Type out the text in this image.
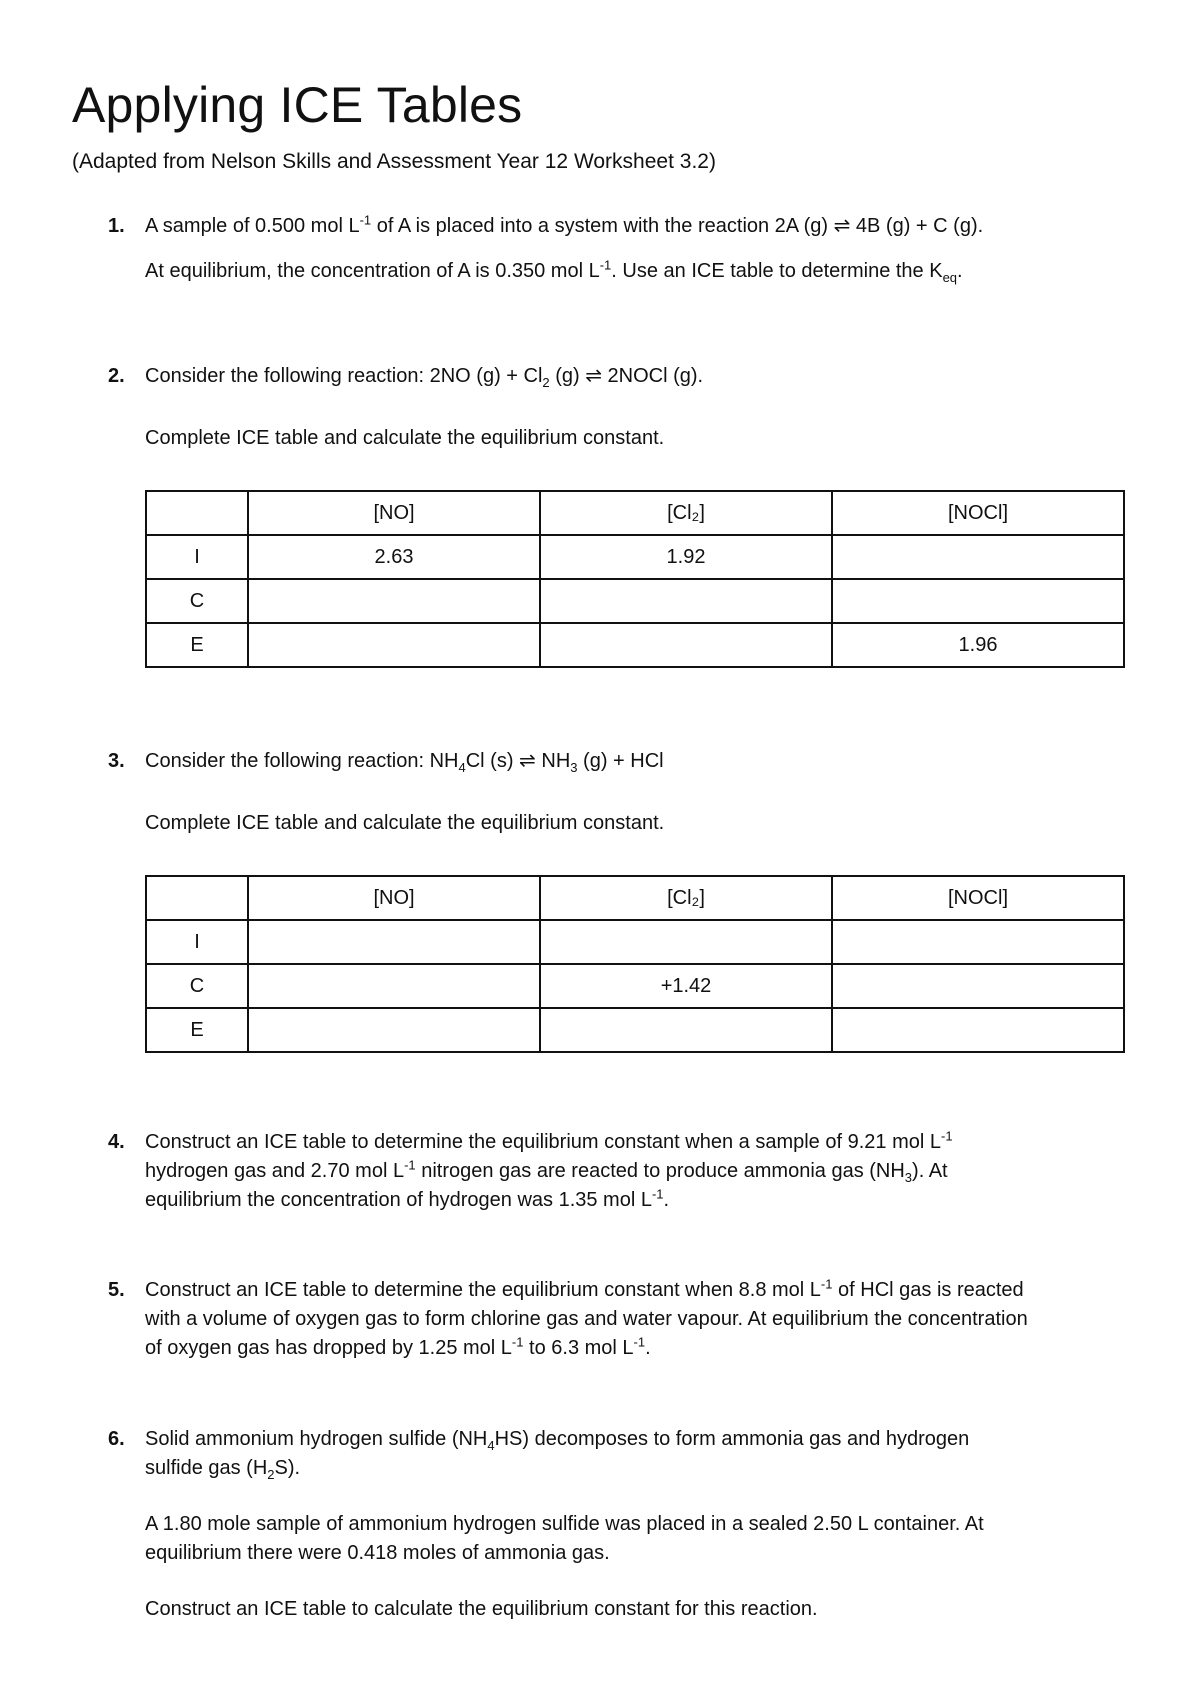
Applying ICE Tables
(Adapted from Nelson Skills and Assessment Year 12 Worksheet 3.2)
1. A sample of 0.500 mol $L^{-1}$ of A is placed into a system with the reaction 2A (g) ⇌ 4B (g) + C (g).

At equilibrium, the concentration of A is 0.350 mol $L^{-1}$. Use an ICE table to determine the $K_{eq}$.

2. Consider the following reaction: 2NO $(g) + Cl_2$ (g) ⇌ 2NOCl (g).

Complete ICE table and calculate the equilibrium constant.

	[NO]	[Cl₂]	[NOCl]
I	2.63	1.92	
C			
E			1.96
3. Consider the following reaction: $NH_4Cl$ (s) ⇌ $NH_3$ (g) + HCl

Complete ICE table and calculate the equilibrium constant.

	[NO]	[Cl₂]	[NOCl]
I			
C		+1.42	
E			
4. Construct an ICE table to determine the equilibrium constant when a sample of 9.21 mol $L^{-1}$

hydrogen gas and 2.70 mol $L^{-1}$ nitrogen gas are reacted to produce ammonia gas $(NH_3)$. At

equilibrium the concentration of hydrogen was 1.35 mol $L^{-1}$.

5. Construct an ICE table to determine the equilibrium constant when 8.8 mol $L^{-1}$ of HCl gas is reacted

with a volume of oxygen gas to form chlorine gas and water vapour. At equilibrium the concentration

of oxygen gas has dropped by 1.25 mol $L^{-1}$ to 6.3 mol $L^{-1}$.

6. Solid ammonium hydrogen sulfide $(NH_4HS)$ decomposes to form ammonia gas and hydrogen

sulfide gas $(H_2S)$.

A 1.80 mole sample of ammonium hydrogen sulfide was placed in a sealed 2.50 L container. At

equilibrium there were 0.418 moles of ammonia gas.

Construct an ICE table to calculate the equilibrium constant for this reaction.
